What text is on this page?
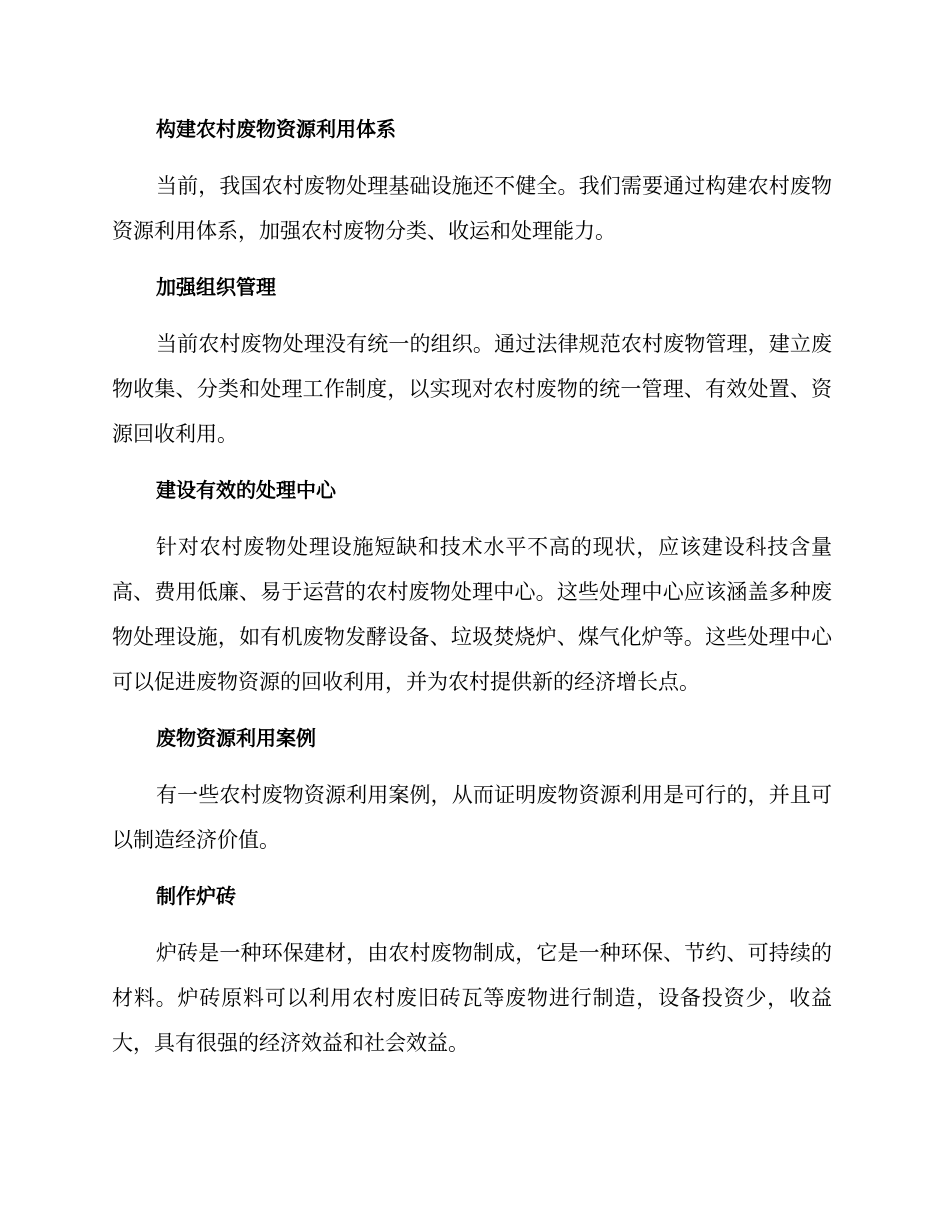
构建农村废物资源利用体系

当前，我国农村废物处理基础设施还不健全。我们需要通过构建农村废物资源利用体系，加强农村废物分类、收运和处理能力。

加强组织管理

当前农村废物处理没有统一的组织。通过法律规范农村废物管理，建立废物收集、分类和处理工作制度，以实现对农村废物的统一管理、有效处置、资源回收利用。

建设有效的处理中心

针对农村废物处理设施短缺和技术水平不高的现状，应该建设科技含量高、费用低廉、易于运营的农村废物处理中心。这些处理中心应该涵盖多种废物处理设施，如有机废物发酵设备、垃圾焚烧炉、煤气化炉等。这些处理中心可以促进废物资源的回收利用，并为农村提供新的经济增长点。

废物资源利用案例

有一些农村废物资源利用案例，从而证明废物资源利用是可行的，并且可以制造经济价值。

制作炉砖

炉砖是一种环保建材，由农村废物制成，它是一种环保、节约、可持续的材料。炉砖原料可以利用农村废旧砖瓦等废物进行制造，设备投资少，收益大，具有很强的经济效益和社会效益。
